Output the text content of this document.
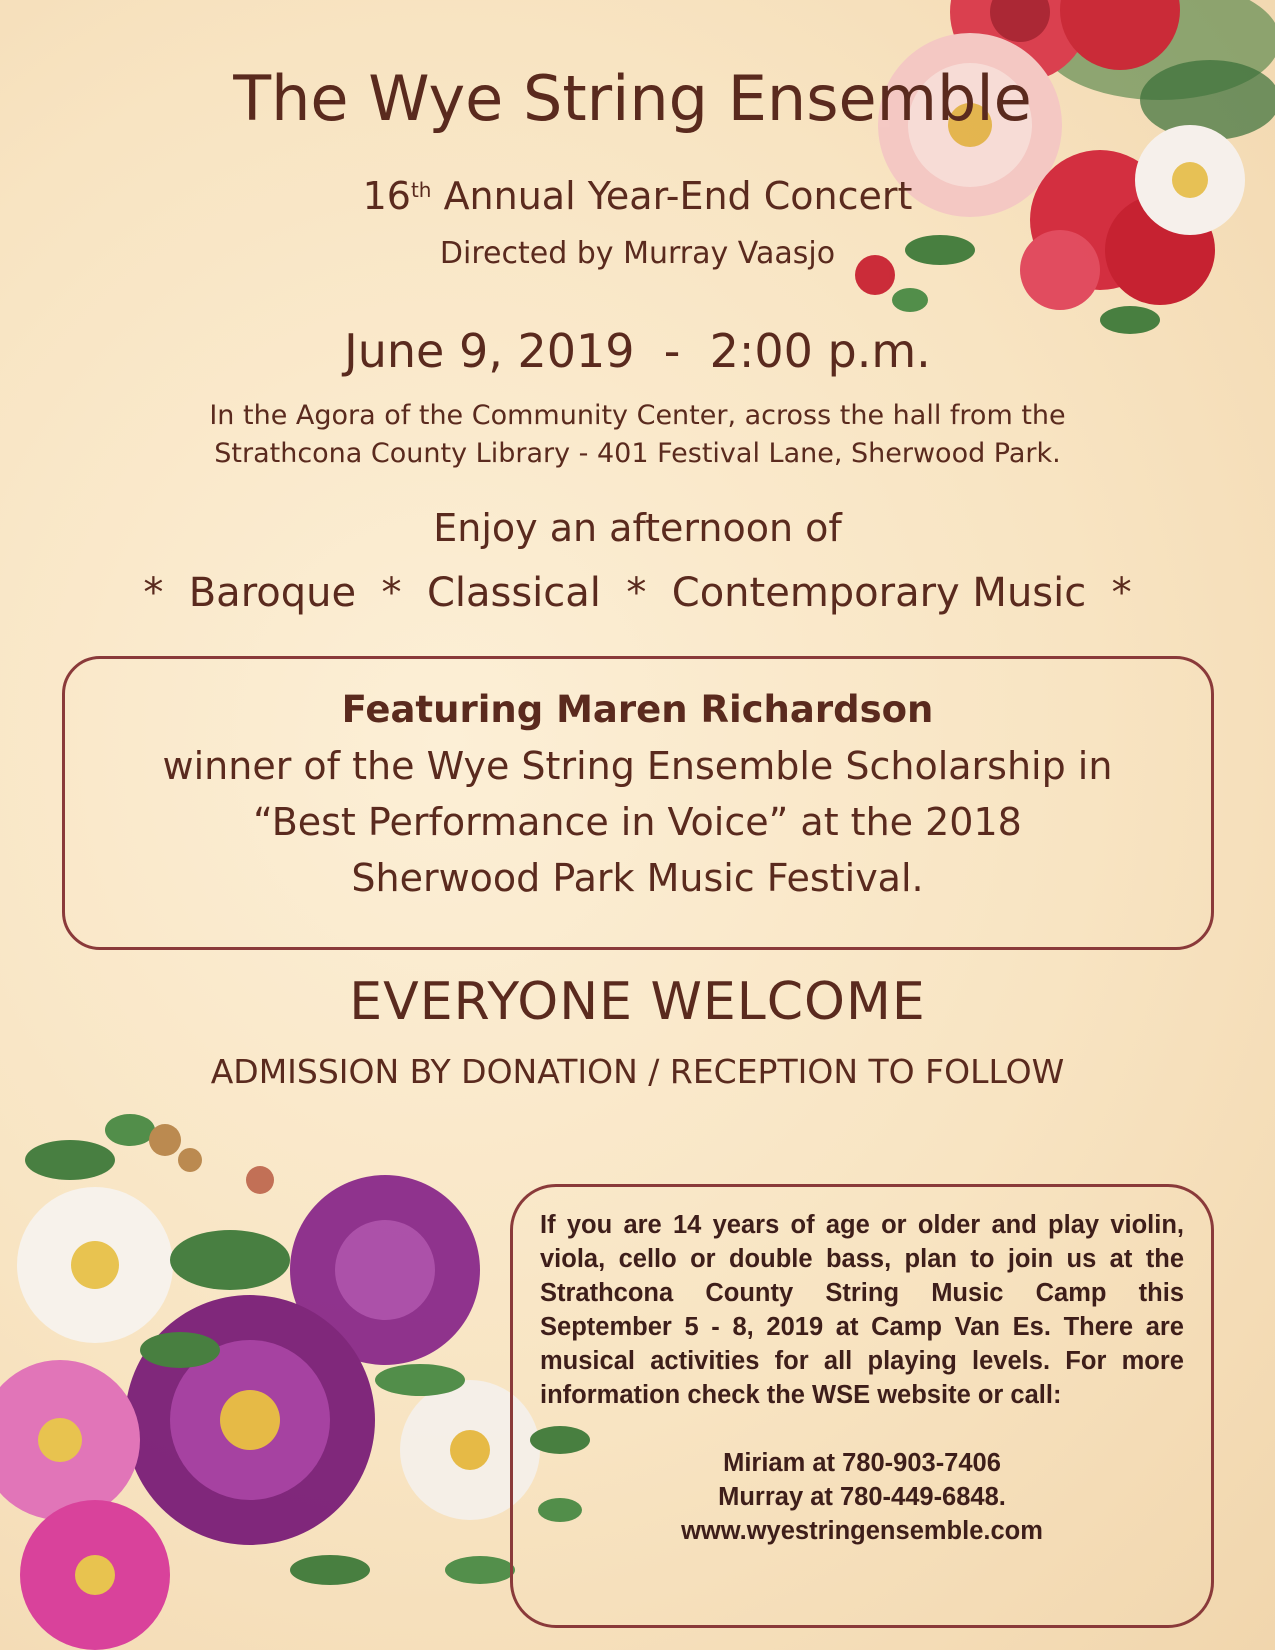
The Wye String Ensemble
16th Annual Year-End Concert
Directed by Murray Vaasjo
June 9, 2019  -  2:00 p.m.
In the Agora of the Community Center, across the hall from the
Strathcona County Library - 401 Festival Lane, Sherwood Park.
Enjoy an afternoon of
*  Baroque  *  Classical  *  Contemporary Music  *
Featuring Maren Richardson
winner of the Wye String Ensemble Scholarship in
“Best Performance in Voice” at the 2018
Sherwood Park Music Festival.
EVERYONE WELCOME
ADMISSION BY DONATION / RECEPTION TO FOLLOW
If you are 14 years of age or older and play violin, viola, cello or double bass, plan to join us at the Strathcona County String Music Camp this September 5 - 8, 2019 at Camp Van Es. There are musical activities for all playing levels. For more information check the WSE website or call:
Miriam at 780-903-7406
Murray at 780-449-6848.
www.wyestringensemble.com
